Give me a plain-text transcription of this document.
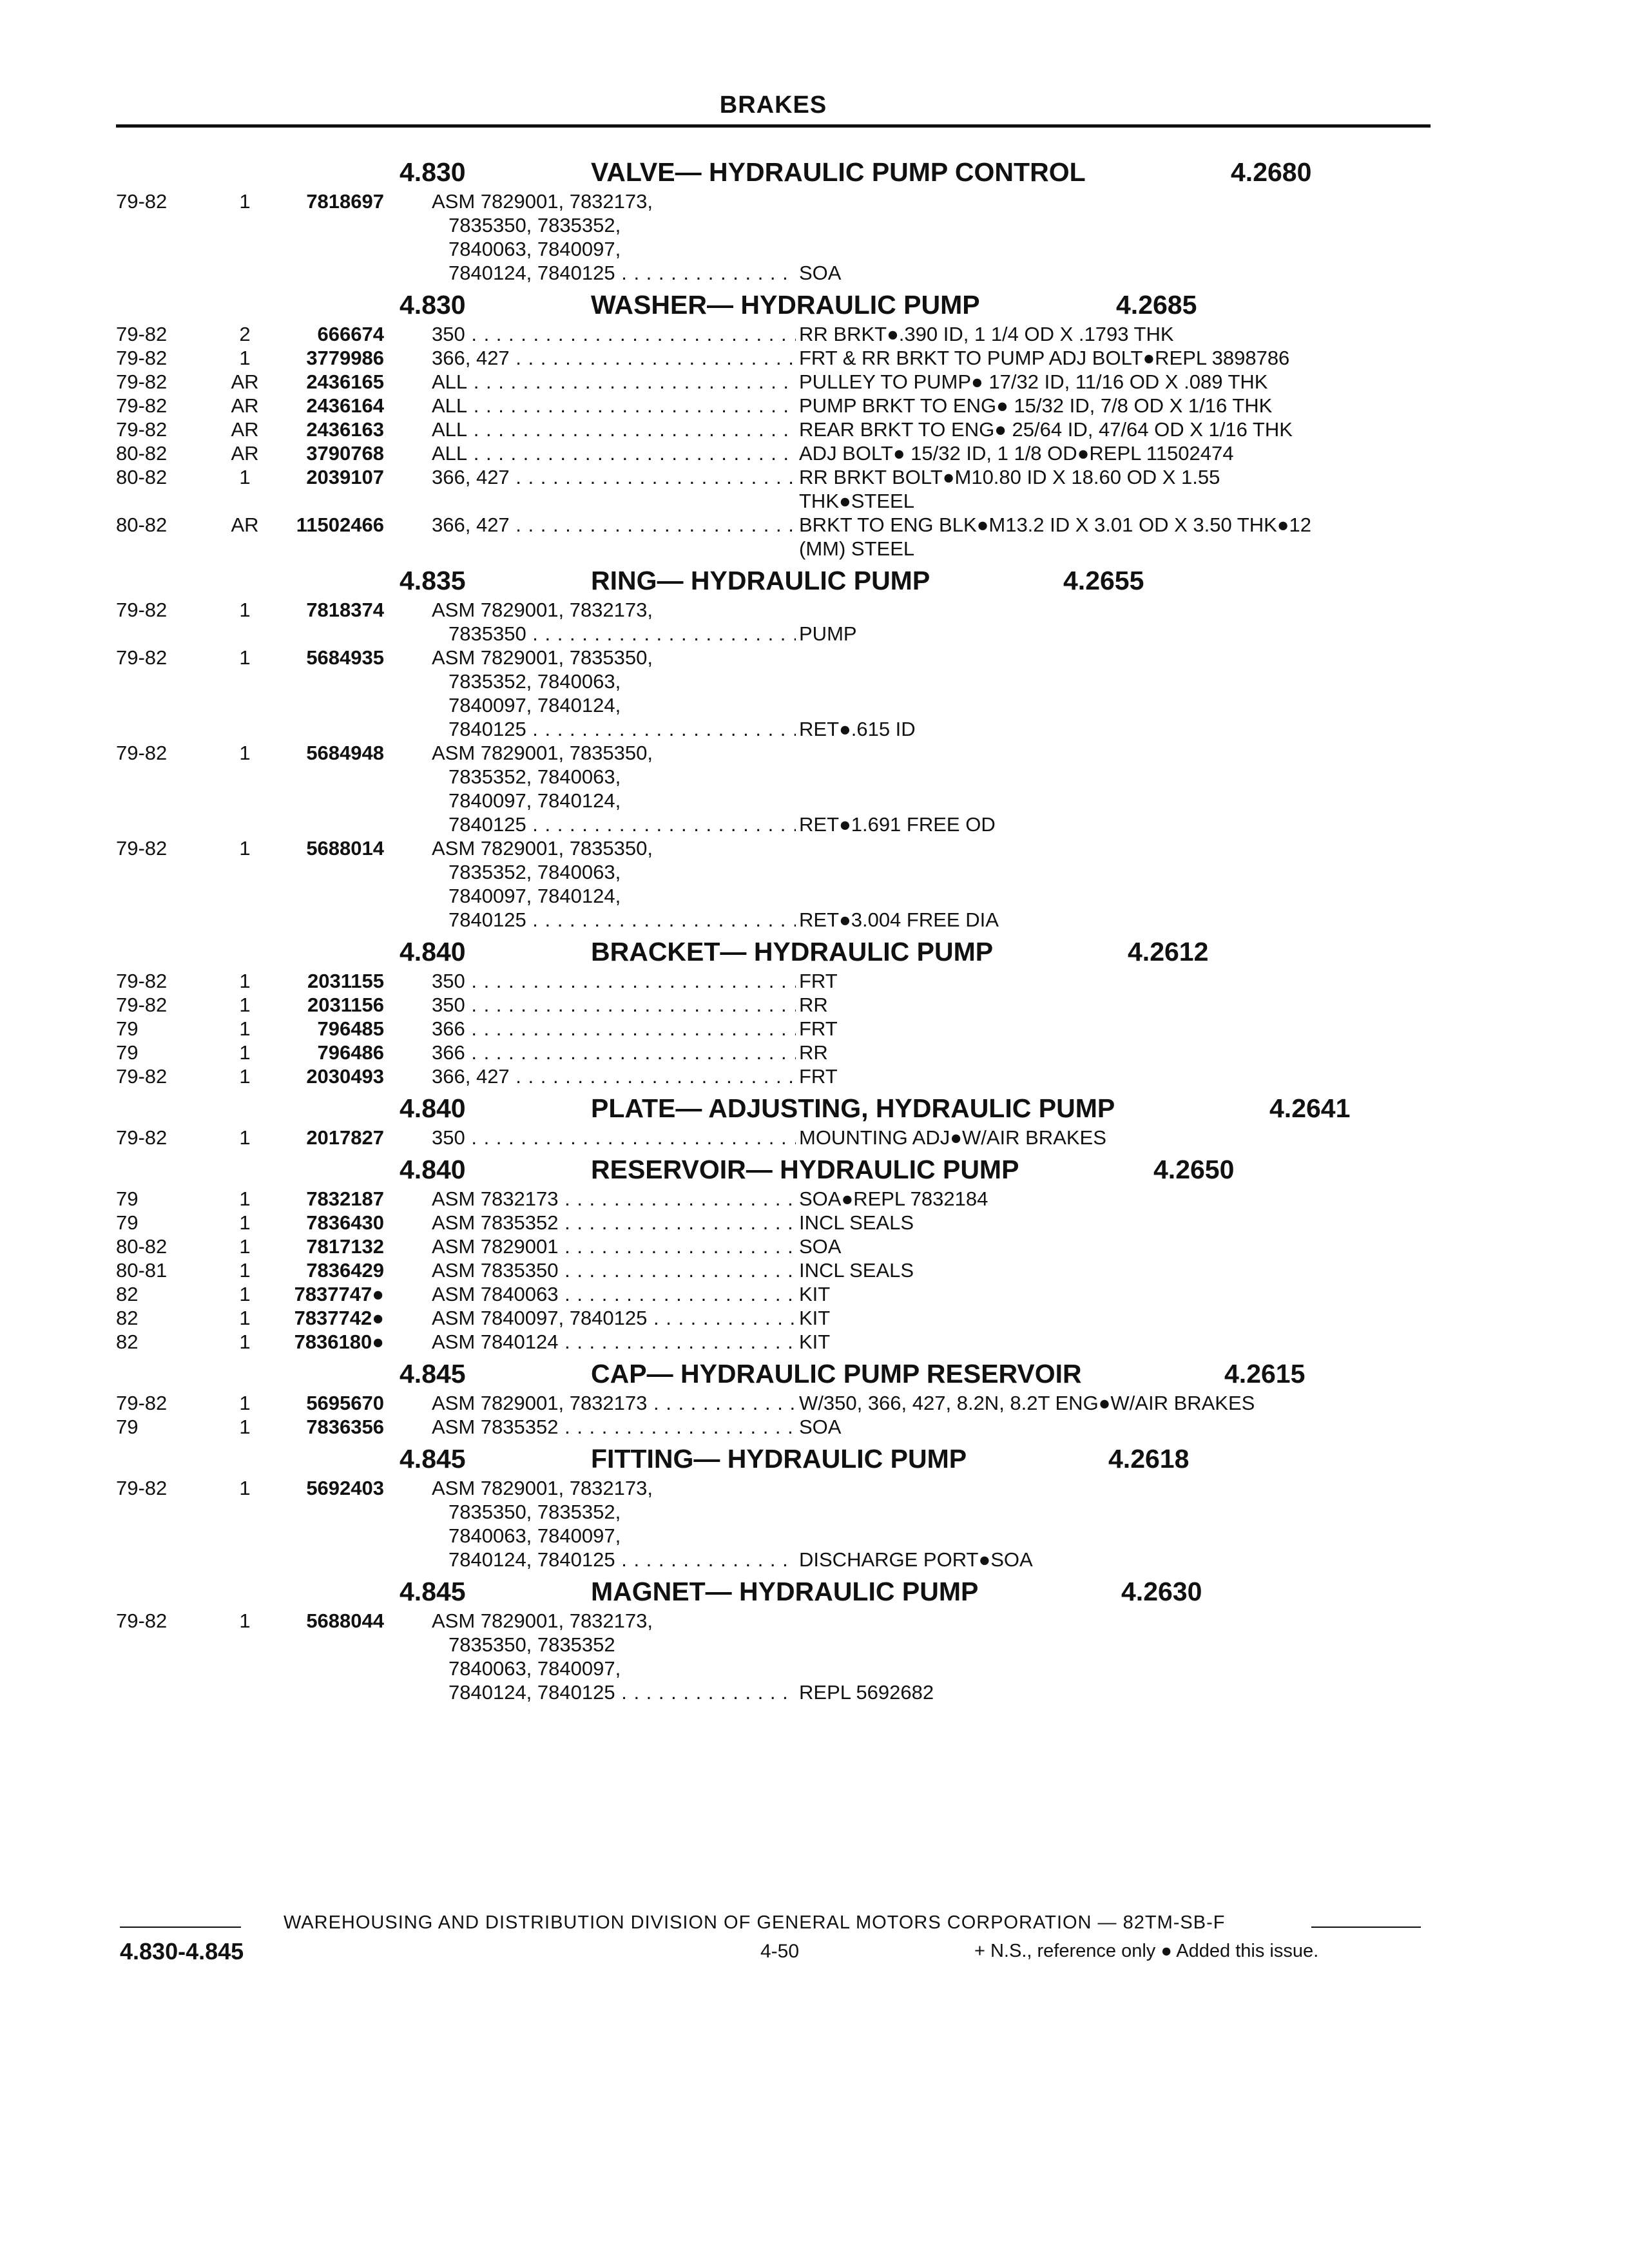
BRAKES
4.830	VALVE— HYDRAULIC PUMP CONTROL	4.2680
79-82	1	7818697 ASM 7829001, 7832173,
7835350, 7835352,
7840063, 7840097,
7840124, 7840125 . . .	SOA
4.830	WASHER— HYDRAULIC PUMP	4.2685
79-82	2	666674 350 . . .	RR BRKT●.390 ID, 1 1/4 OD X .1793 THK
79-82	1	3779986 366, 427 . . .	FRT & RR BRKT TO PUMP ADJ BOLT●REPL 3898786
79-82	AR	2436165 ALL . . .	PULLEY TO PUMP● 17/32 ID, 11/16 OD X .089 THK
79-82	AR	2436164 ALL . . .	PUMP BRKT TO ENG● 15/32 ID, 7/8 OD X 1/16 THK
79-82	AR	2436163 ALL . . .	REAR BRKT TO ENG● 25/64 ID, 47/64 OD X 1/16 THK
80-82	AR	3790768 ALL . . .	ADJ BOLT● 15/32 ID, 1 1/8 OD●REPL 11502474
80-82	1	2039107 366, 427 . . .	RR BRKT BOLT●M10.80 ID X 18.60 OD X 1.55
THK●STEEL
80-82	AR	11502466 366, 427 . . .	BRKT TO ENG BLK●M13.2 ID X 3.01 OD X 3.50 THK●12
(MM) STEEL
4.835	RING— HYDRAULIC PUMP	4.2655
79-82	1	7818374 ASM 7829001, 7832173,
7835350 . . .	PUMP
79-82	1	5684935 ASM 7829001, 7835350,
7835352, 7840063,
7840097, 7840124,
7840125 . . .	RET●.615 ID
79-82	1	5684948 ASM 7829001, 7835350,
7835352, 7840063,
7840097, 7840124,
7840125 . . .	RET●1.691 FREE OD
79-82	1	5688014 ASM 7829001, 7835350,
7835352, 7840063,
7840097, 7840124,
7840125 . . .	RET●3.004 FREE DIA
4.840	BRACKET— HYDRAULIC PUMP	4.2612
79-82	1	2031155 350 . . .	FRT
79-82	1	2031156 350 . . .	RR
79	1	796485 366 . . .	FRT
79	1	796486 366 . . .	RR
79-82	1	2030493 366, 427 . . .	FRT
4.840	PLATE— ADJUSTING, HYDRAULIC PUMP	4.2641
79-82	1	2017827 350 . . .	MOUNTING ADJ●W/AIR BRAKES
4.840	RESERVOIR— HYDRAULIC PUMP	4.2650
79	1	7832187 ASM 7832173 . . .	SOA●REPL 7832184
79	1	7836430 ASM 7835352 . . .	INCL SEALS
80-82	1	7817132 ASM 7829001 . . .	SOA
80-81	1	7836429 ASM 7835350 . . .	INCL SEALS
82	1	7837747● ASM 7840063 . . .	KIT
82	1	7837742● ASM 7840097, 7840125 . . .	KIT
82	1	7836180● ASM 7840124 . . .	KIT
4.845	CAP— HYDRAULIC PUMP RESERVOIR	4.2615
79-82	1	5695670 ASM 7829001, 7832173 . . .	W/350, 366, 427, 8.2N, 8.2T ENG●W/AIR BRAKES
79	1	7836356 ASM 7835352 . . .	SOA
4.845	FITTING— HYDRAULIC PUMP	4.2618
79-82	1	5692403 ASM 7829001, 7832173,
7835350, 7835352,
7840063, 7840097,
7840124, 7840125 . . .	DISCHARGE PORT●SOA
4.845	MAGNET— HYDRAULIC PUMP	4.2630
79-82	1	5688044 ASM 7829001, 7832173,
7835350, 7835352
7840063, 7840097,
7840124, 7840125 . . .	REPL 5692682
WAREHOUSING AND DISTRIBUTION DIVISION OF GENERAL MOTORS CORPORATION — 82TM-SB-F
4.830-4.845	4-50	+ N.S., reference only ● Added this issue.
